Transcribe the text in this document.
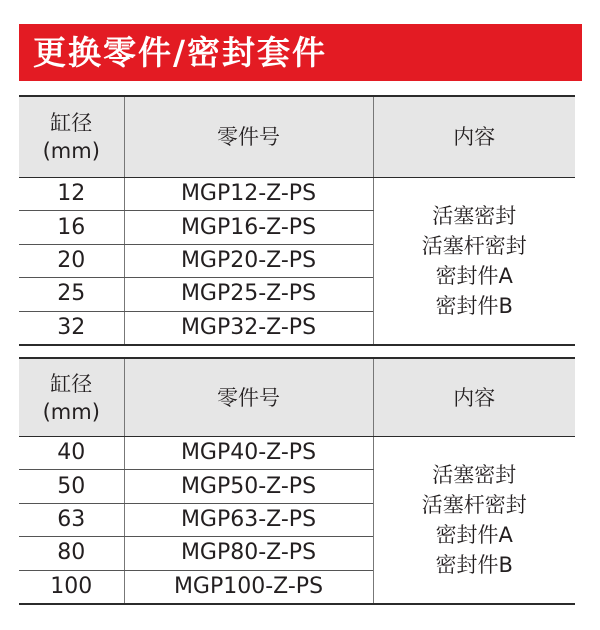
更换零件/密封套件
缸径
(mm)	零件号	内容
12	MGP12-Z-PS	活塞密封
活塞杆密封
密封件A
密封件B

16	MGP16-Z-PS	
20	MGP20-Z-PS	
25	MGP25-Z-PS	
32	MGP32-Z-PS	
缸径
(mm)	零件号	内容
40	MGP40-Z-PS	活塞密封
活塞杆密封
密封件A
密封件B

50	MGP50-Z-PS	
63	MGP63-Z-PS	
80	MGP80-Z-PS	
100	MGP100-Z-PS	
